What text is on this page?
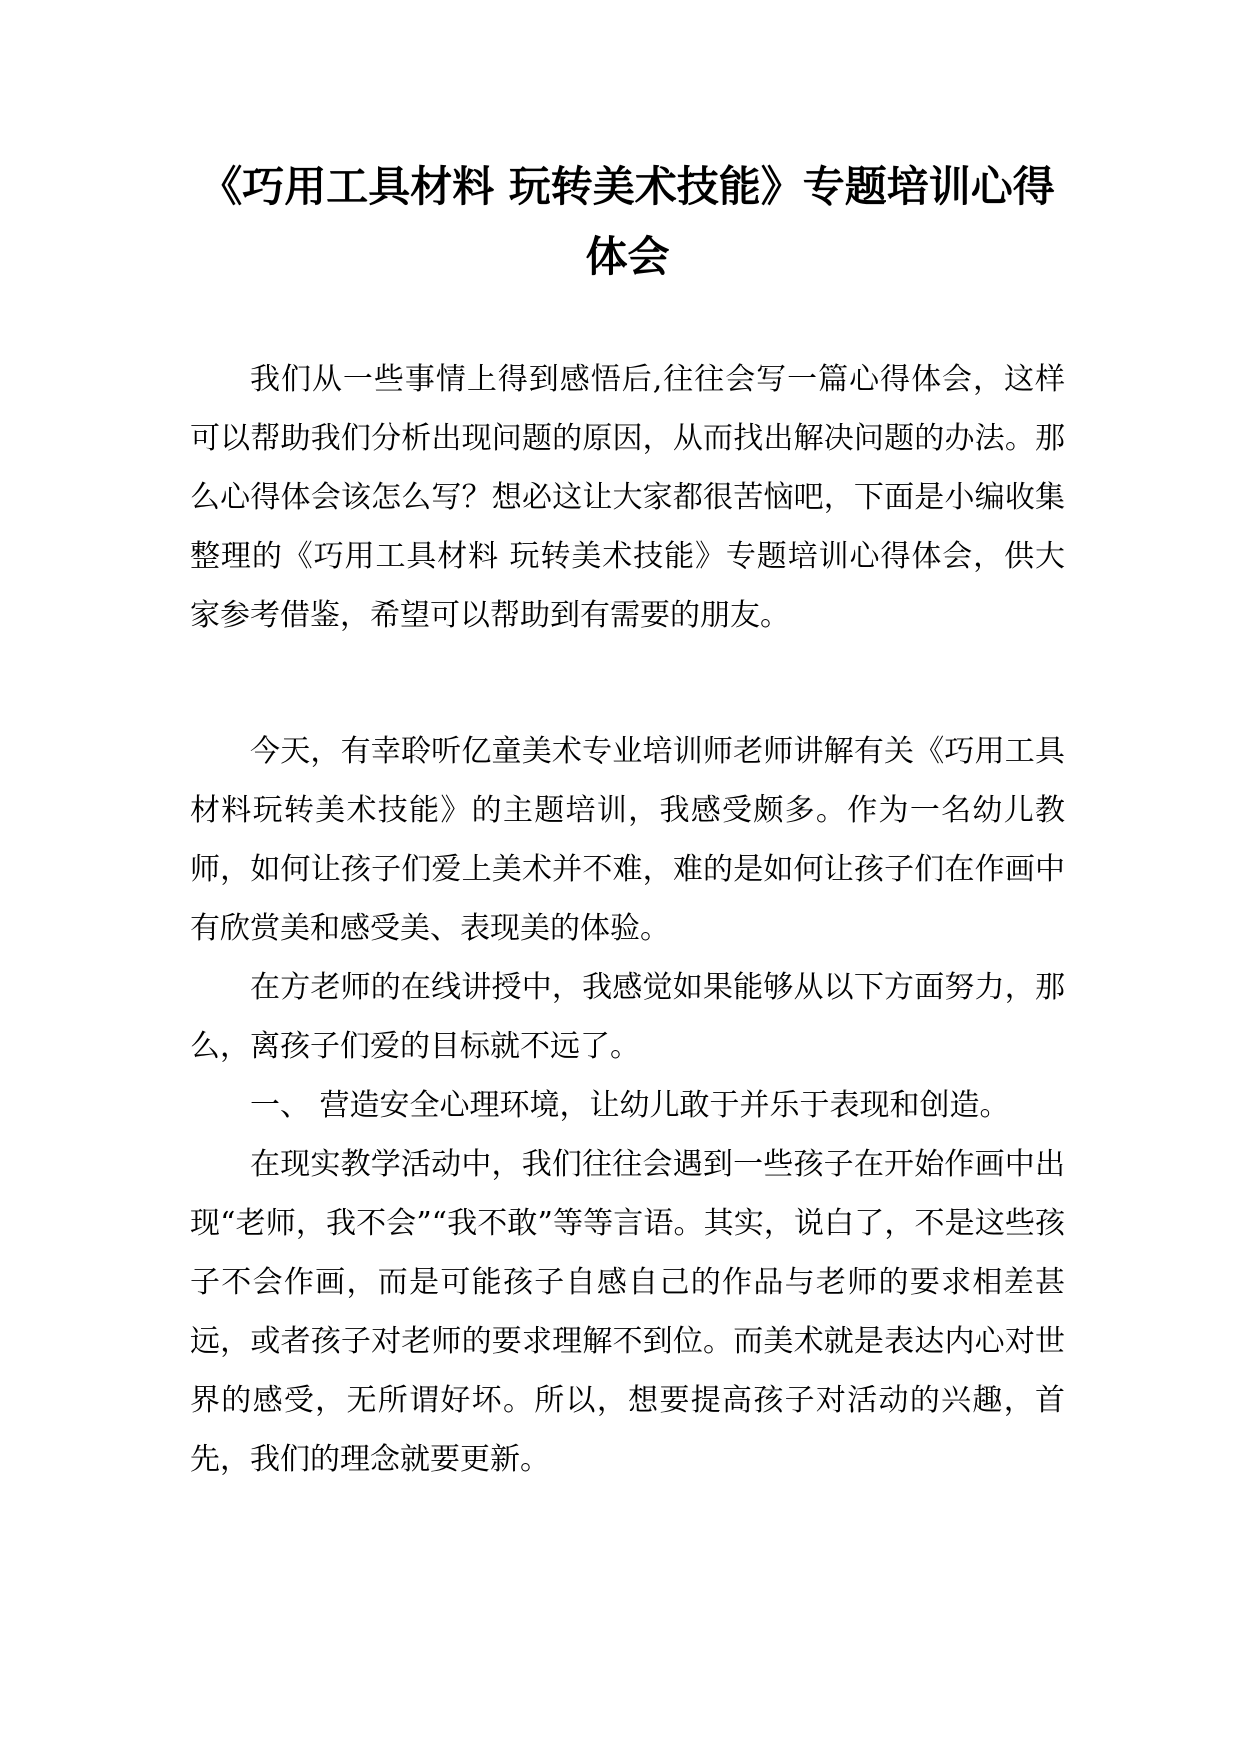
《巧用工具材料 玩转美术技能》专题培训心得体会

我们从一些事情上得到感悟后,往往会写一篇心得体会，这样可以帮助我们分析出现问题的原因，从而找出解决问题的办法。那么心得体会该怎么写？想必这让大家都很苦恼吧，下面是小编收集整理的《巧用工具材料 玩转美术技能》专题培训心得体会，供大家参考借鉴，希望可以帮助到有需要的朋友。

今天，有幸聆听亿童美术专业培训师老师讲解有关《巧用工具材料玩转美术技能》的主题培训，我感受颇多。作为一名幼儿教师，如何让孩子们爱上美术并不难，难的是如何让孩子们在作画中有欣赏美和感受美、表现美的体验。

在方老师的在线讲授中，我感觉如果能够从以下方面努力，那么，离孩子们爱的目标就不远了。

一、 营造安全心理环境，让幼儿敢于并乐于表现和创造。

在现实教学活动中，我们往往会遇到一些孩子在开始作画中出现“老师，我不会”“我不敢”等等言语。其实，说白了，不是这些孩子不会作画，而是可能孩子自感自己的作品与老师的要求相差甚远，或者孩子对老师的要求理解不到位。而美术就是表达内心对世界的感受，无所谓好坏。所以，想要提高孩子对活动的兴趣，首先，我们的理念就要更新。
